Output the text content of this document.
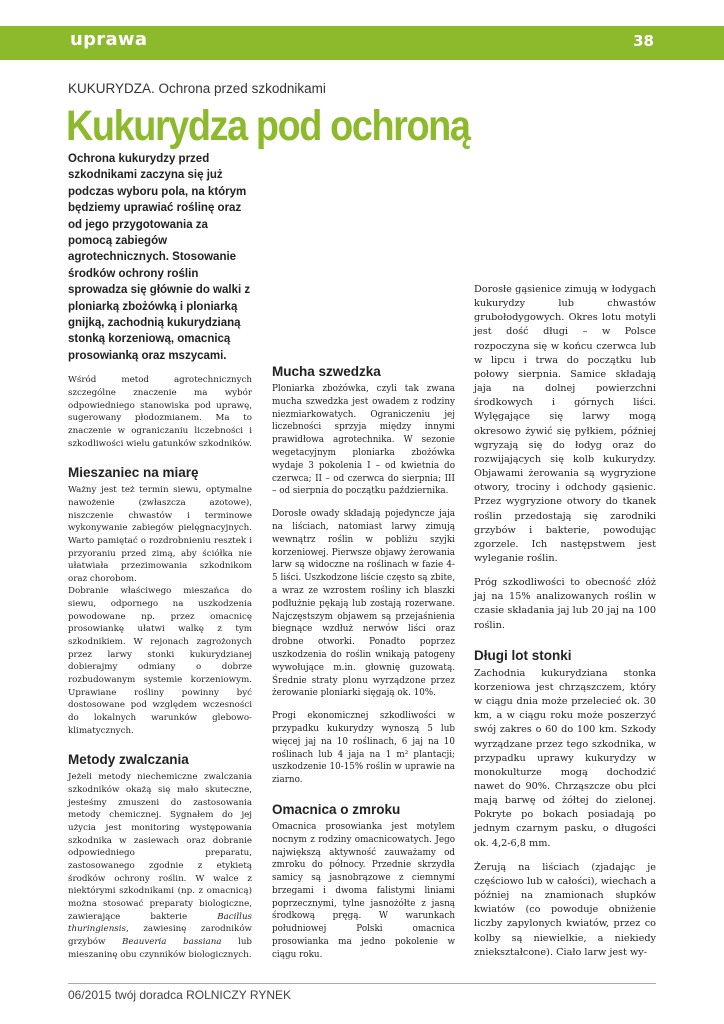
uprawa	38
KUKURYDZA. Ochrona przed szkodnikami
Kukurydza pod ochroną

Ochrona kukurydzy przed szkodnikami zaczyna się już podczas wyboru pola, na którym będziemy uprawiać roślinę oraz od jego przygotowania za pomocą zabiegów agrotechnicznych. Stosowanie środków ochrony roślin sprowadza się głównie do walki z ploniarką zbożówką i ploniarką gnijką, zachodnią kukurydzianą stonką korzeniową, omacnicą prosowianką oraz mszycami.

Wśród metod agrotechnicznych szczególne znaczenie ma wybór odpowiedniego stanowiska pod uprawę, sugerowany płodozmianem. Ma to znaczenie w ograniczaniu liczebności i szkodliwości wielu gatunków szkodników.

Mieszaniec na miarę

Ważny jest też termin siewu, optymalne nawożenie (zwłaszcza azotowe), niszczenie chwastów i terminowe wykonywanie zabiegów pielęgnacyjnych. Warto pamiętać o rozdrobnieniu resztek i przyoraniu przed zimą, aby ściółka nie ułatwiała przezimowania szkodnikom oraz chorobom.

Dobranie właściwego mieszańca do siewu, odpornego na uszkodzenia powodowane np. przez omacnicę prosowiankę ułatwi walkę z tym szkodnikiem. W rejonach zagrożonych przez larwy stonki kukurydzianej dobierajmy odmiany o dobrze rozbudowanym systemie korzeniowym. Uprawiane rośliny powinny być dostosowane pod względem wczesności do lokalnych warunków glebowo-klimatycznych.

Metody zwalczania

Jeżeli metody niechemiczne zwalczania szkodników okażą się mało skuteczne, jesteśmy zmuszeni do zastosowania metody chemicznej. Sygnałem do jej użycia jest monitoring występowania szkodnika w zasiewach oraz dobranie odpowiedniego preparatu, zastosowanego zgodnie z etykietą środków ochrony roślin. W walce z niektórymi szkodnikami (np. z omacnicą) można stosować preparaty biologiczne, zawierające bakterie	Bacillus thuringiensis, zawiesinę zarodników grzybów Beauveria bassiana lub mieszaninę obu czynników biologicznych.

Mucha szwedzka

Ploniarka zbożówka, czyli tak zwana mucha szwedzka jest owadem z rodziny niezmiarkowatych. Ograniczeniu jej liczebności sprzyja między innymi prawidłowa agrotechnika. W sezonie wegetacyjnym ploniarka zbożówka wydaje 3 pokolenia I – od kwietnia do czerwca; II – od czerwca do sierpnia; III – od sierpnia do początku października.

Dorosłe owady składają pojedyncze jaja na liściach, natomiast larwy zimują wewnątrz roślin w pobliżu szyjki korzeniowej. Pierwsze objawy żerowania larw są widoczne na roślinach w fazie 4-5 liści. Uszkodzone liście często są zbite, a wraz ze wzrostem rośliny ich blaszki podłużnie pękają lub zostają rozerwane. Najczęstszym objawem są przejaśnienia biegnące wzdłuż nerwów liści oraz drobne otworki. Ponadto poprzez uszkodzenia do roślin wnikają patogeny wywołujące m.in. głownię guzowatą. Średnie straty plonu wyrządzone przez żerowanie ploniarki sięgają ok. 10%.

Progi ekonomicznej szkodliwości w przypadku kukurydzy wynoszą 5 lub więcej jaj na 10 roślinach, 6 jaj na 10 roślinach lub 4 jaja na 1 m² plantacji; uszkodzenie 10-15% roślin w uprawie na ziarno.

Omacnica o zmroku

Omacnica prosowianka jest motylem nocnym z rodziny omacnicowatych. Jego największą aktywność zauważamy od zmroku do północy. Przednie skrzydła samicy są jasnobrązowe z ciemnymi brzegami i dwoma falistymi liniami poprzecznymi, tylne jasnożółte z jasną środkową pręgą. W warunkach południowej Polski omacnica prosowianka ma jedno pokolenie w ciągu roku.

Dorosłe gąsienice zimują w łodygach kukurydzy lub chwastów grubołodygowych. Okres lotu motyli jest dość długi – w Polsce rozpoczyna się w końcu czerwca lub w lipcu i trwa do początku lub połowy sierpnia. Samice składają jaja na dolnej powierzchni środkowych i górnych liści. Wylęgające się larwy mogą okresowo żywić się pyłkiem, później wgryzają się do łodyg oraz do rozwijających się kolb kukurydzy. Objawami żerowania są wygryzione otwory, trociny i odchody gąsienic. Przez wygryzione otwory do tkanek roślin przedostają się zarodniki grzybów i bakterie, powodując zgorzele. Ich następstwem jest wyleganie roślin.

Próg szkodliwości to obecność złóż jaj na 15% analizowanych roślin w czasie składania jaj lub 20 jaj na 100 roślin.

Długi lot stonki

Zachodnia kukurydziana stonka korzeniowa jest chrząszczem, który w ciągu dnia może przelecieć ok. 30 km, a w ciągu roku może poszerzyć swój zakres o 60 do 100 km. Szkody wyrządzane przez tego szkodnika, w przypadku uprawy kukurydzy w monokulturze mogą dochodzić nawet do 90%. Chrząszcze obu płci mają barwę od żółtej do zielonej. Pokryte po bokach posiadają po jednym czarnym pasku, o długości ok. 4,2-6,8 mm.

Żerują na liściach (zjadając je częściowo lub w całości), wiechach a później na znamionach słupków kwiatów (co powoduje obniżenie liczby zapylonych kwiatów, przez co kolby są niewielkie, a niekiedy zniekształcone). Ciało larw jest wy-

06/2015 twój doradca ROLNICZY RYNEK
